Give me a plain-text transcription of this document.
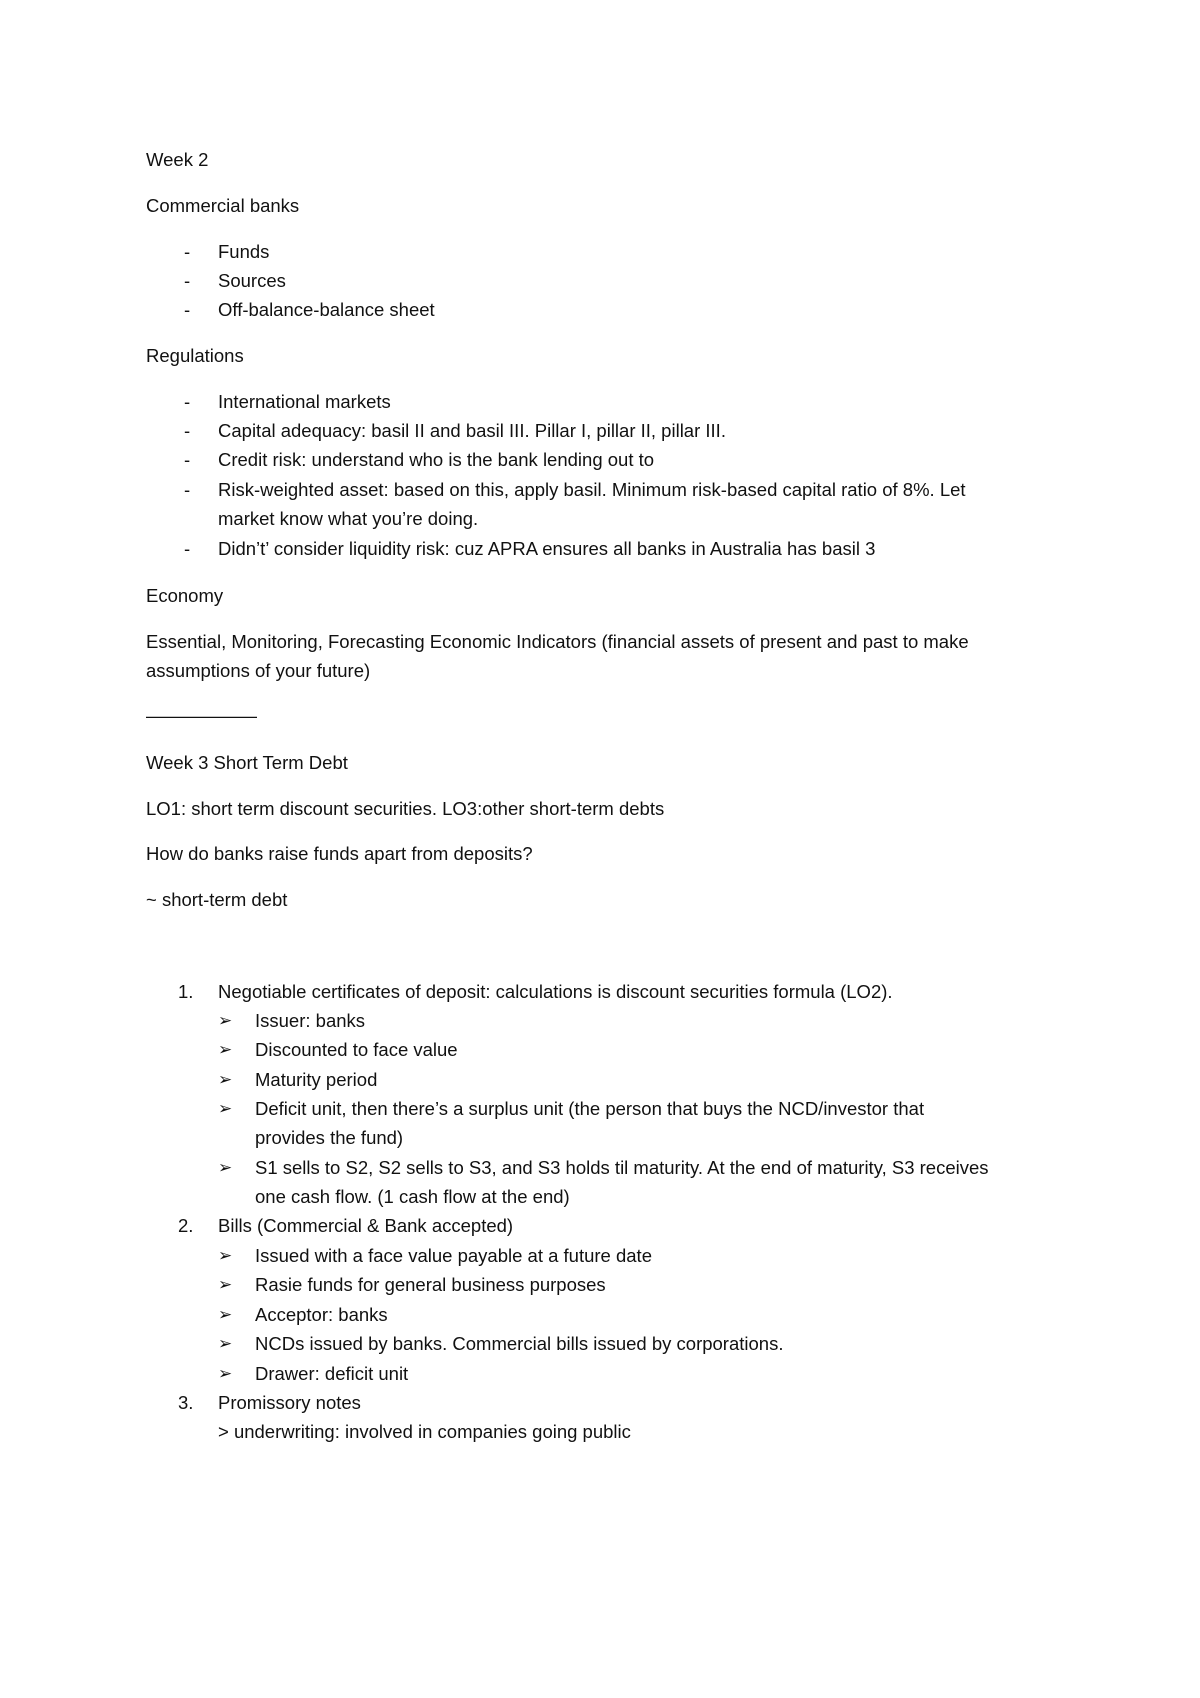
Week 2
Commercial banks
- Funds
- Sources
- Off-balance-balance sheet
Regulations
- International markets
- Capital adequacy: basil II and basil III. Pillar I, pillar II, pillar III.
- Credit risk: understand who is the bank lending out to
- Risk-weighted asset: based on this, apply basil. Minimum risk-based capital ratio of 8%. Let
market know what you’re doing.
- Didn’t’ consider liquidity risk: cuz APRA ensures all banks in Australia has basil 3
Economy
Essential, Monitoring, Forecasting Economic Indicators (financial assets of present and past to make
assumptions of your future)
——————
Week 3 Short Term Debt
LO1: short term discount securities. LO3:other short-term debts
How do banks raise funds apart from deposits?
~ short-term debt
1. Negotiable certificates of deposit: calculations is discount securities formula (LO2).
➢ Issuer: banks
➢ Discounted to face value
➢ Maturity period
➢ Deficit unit, then there’s a surplus unit (the person that buys the NCD/investor that
provides the fund)
➢ S1 sells to S2, S2 sells to S3, and S3 holds til maturity. At the end of maturity, S3 receives
one cash flow. (1 cash flow at the end)
2. Bills (Commercial & Bank accepted)
➢ Issued with a face value payable at a future date
➢ Rasie funds for general business purposes
➢ Acceptor: banks
➢ NCDs issued by banks. Commercial bills issued by corporations.
➢ Drawer: deficit unit
3. Promissory notes
> underwriting: involved in companies going public
